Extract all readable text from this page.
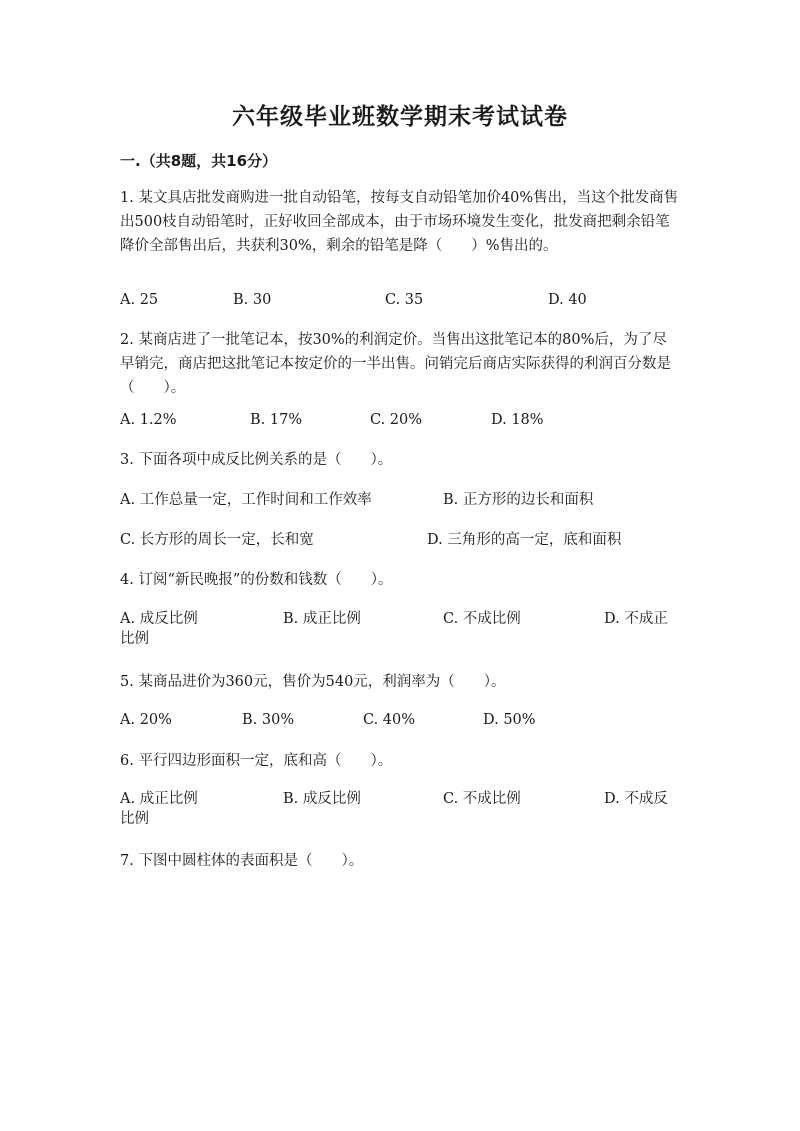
六年级毕业班数学期末考试试卷
一.（共8题，共16分）
1. 某文具店批发商购进一批自动铅笔，按每支自动铅笔加价40%售出，当这个批发商售出500枝自动铅笔时，正好收回全部成本，由于市场环境发生变化，批发商把剩余铅笔降价全部售出后，共获利30%，剩余的铅笔是降（　　）%售出的。
A. 25	B. 30	C. 35	D. 40
2. 某商店进了一批笔记本，按30%的利润定价。当售出这批笔记本的80%后，为了尽早销完，商店把这批笔记本按定价的一半出售。问销完后商店实际获得的利润百分数是（　　）。
A. 1.2%	B. 17%	C. 20%	D. 18%
3. 下面各项中成反比例关系的是（　　）。
A. 工作总量一定，工作时间和工作效率	B. 正方形的边长和面积
C. 长方形的周长一定，长和宽	D. 三角形的高一定，底和面积
4. 订阅“新民晚报”的份数和钱数（　　）。
A. 成反比例	B. 成正比例	C. 不成比例	D. 不成正比例
5. 某商品进价为360元，售价为540元，利润率为（　　）。
A. 20%	B. 30%	C. 40%	D. 50%
6. 平行四边形面积一定，底和高（　　）。
A. 成正比例	B. 成反比例	C. 不成比例	D. 不成反比例
7. 下图中圆柱体的表面积是（　　）。
